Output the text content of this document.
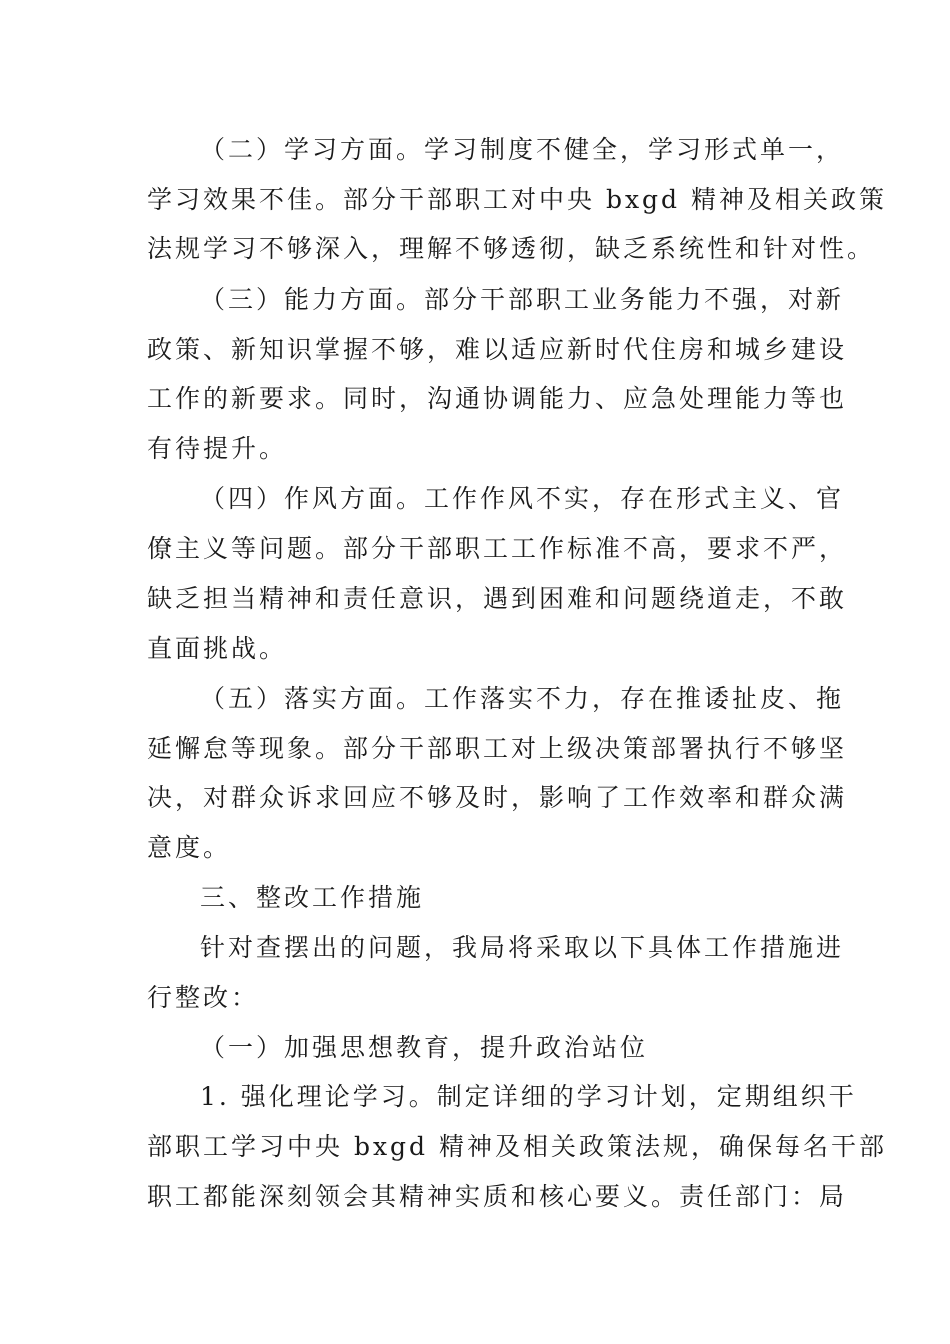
（二）学习方面。学习制度不健全，学习形式单一，
学习效果不佳。部分干部职工对中央 bxgd 精神及相关政策
法规学习不够深入，理解不够透彻，缺乏系统性和针对性。
（三）能力方面。部分干部职工业务能力不强，对新
政策、新知识掌握不够，难以适应新时代住房和城乡建设
工作的新要求。同时，沟通协调能力、应急处理能力等也
有待提升。
（四）作风方面。工作作风不实，存在形式主义、官
僚主义等问题。部分干部职工工作标准不高，要求不严，
缺乏担当精神和责任意识，遇到困难和问题绕道走，不敢
直面挑战。
（五）落实方面。工作落实不力，存在推诿扯皮、拖
延懈怠等现象。部分干部职工对上级决策部署执行不够坚
决，对群众诉求回应不够及时，影响了工作效率和群众满
意度。
三、整改工作措施
针对查摆出的问题，我局将采取以下具体工作措施进
行整改：
（一）加强思想教育，提升政治站位
1. 强化理论学习。制定详细的学习计划，定期组织干
部职工学习中央 bxgd 精神及相关政策法规，确保每名干部
职工都能深刻领会其精神实质和核心要义。责任部门：局
